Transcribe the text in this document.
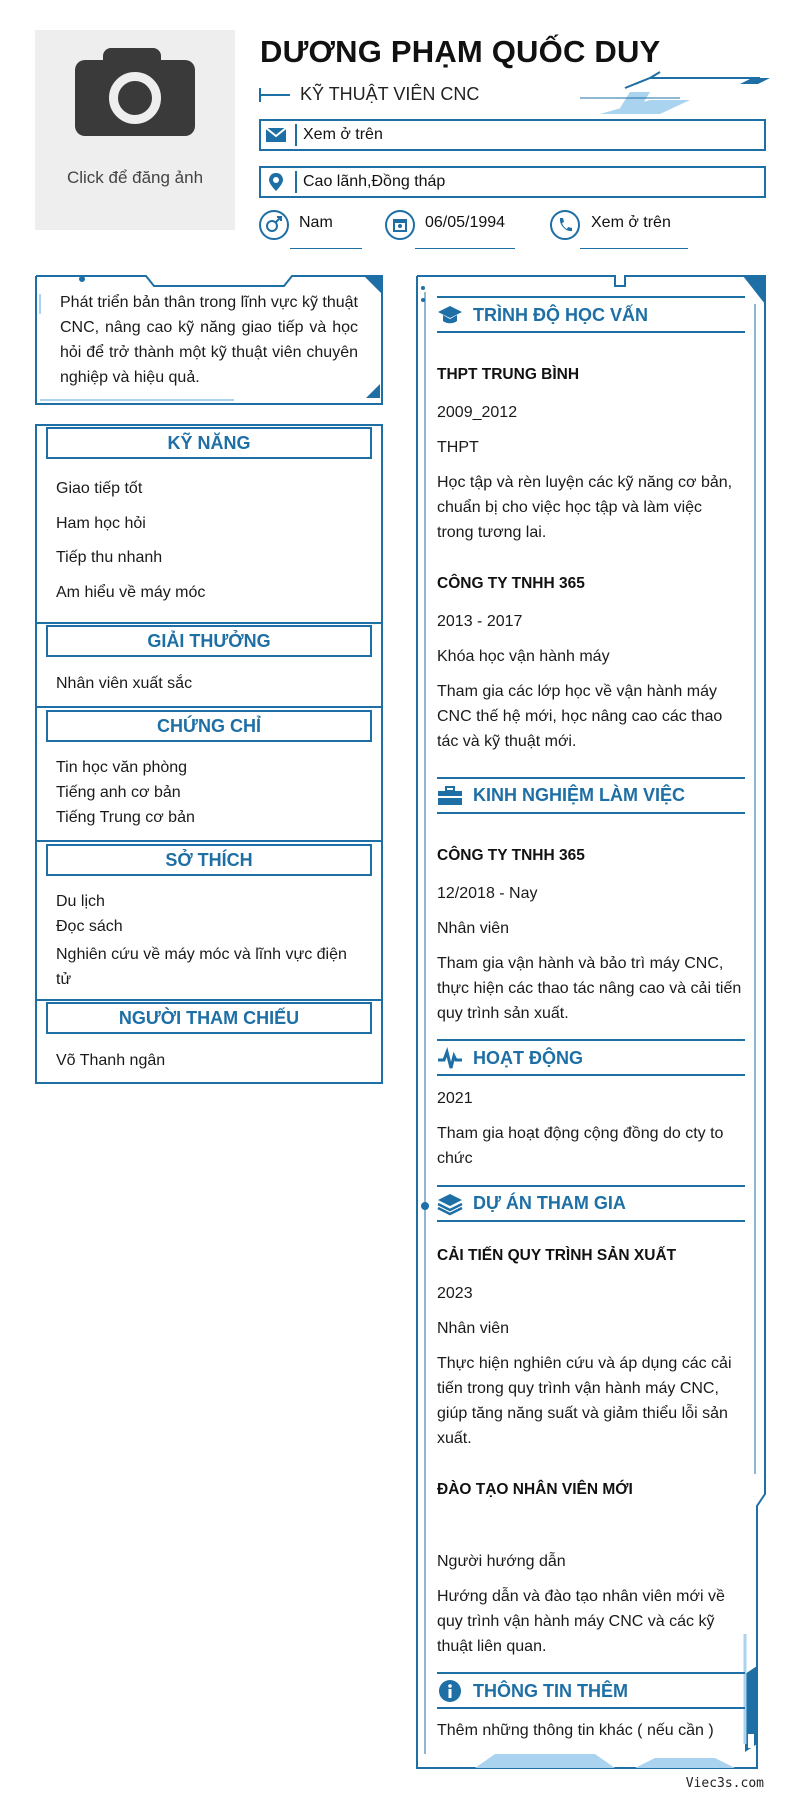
Click để đăng ảnh
DƯƠNG PHẠM QUỐC DUY
KỸ THUẬT VIÊN CNC
Xem ở trên
Cao lãnh,Đồng tháp
Nam	06/05/1994	Xem ở trên
Phát triển bản thân trong lĩnh vực kỹ thuật CNC, nâng cao kỹ năng giao tiếp và học hỏi để trở thành một kỹ thuật viên chuyên nghiệp và hiệu quả.
KỸ NĂNG
Giao tiếp tốt
Ham học hỏi
Tiếp thu nhanh
Am hiểu về máy móc
GIẢI THƯỞNG
Nhân viên xuất sắc
CHỨNG CHỈ
Tin học văn phòng
Tiếng anh cơ bản
Tiếng Trung cơ bản
SỞ THÍCH
Du lịch
Đọc sách
Nghiên cứu về máy móc và lĩnh vực điện tử
NGƯỜI THAM CHIẾU
Võ Thanh ngân
TRÌNH ĐỘ HỌC VẤN
THPT TRUNG BÌNH
2009_2012
THPT
Học tập và rèn luyện các kỹ năng cơ bản, chuẩn bị cho việc học tập và làm việc trong tương lai.
CÔNG TY TNHH 365
2013 - 2017
Khóa học vận hành máy
Tham gia các lớp học về vận hành máy CNC thế hệ mới, học nâng cao các thao tác và kỹ thuật mới.
KINH NGHIỆM LÀM VIỆC
CÔNG TY TNHH 365
12/2018 - Nay
Nhân viên
Tham gia vận hành và bảo trì máy CNC, thực hiện các thao tác nâng cao và cải tiến quy trình sản xuất.
HOẠT ĐỘNG
2021
Tham gia hoạt động cộng đồng do cty to chức
DỰ ÁN THAM GIA
CẢI TIẾN QUY TRÌNH SẢN XUẤT
2023
Nhân viên
Thực hiện nghiên cứu và áp dụng các cải tiến trong quy trình vận hành máy CNC, giúp tăng năng suất và giảm thiểu lỗi sản xuất.
ĐÀO TẠO NHÂN VIÊN MỚI
Người hướng dẫn
Hướng dẫn và đào tạo nhân viên mới về quy trình vận hành máy CNC và các kỹ thuật liên quan.
THÔNG TIN THÊM
Thêm những thông tin khác ( nếu cần )
Viec3s.com
